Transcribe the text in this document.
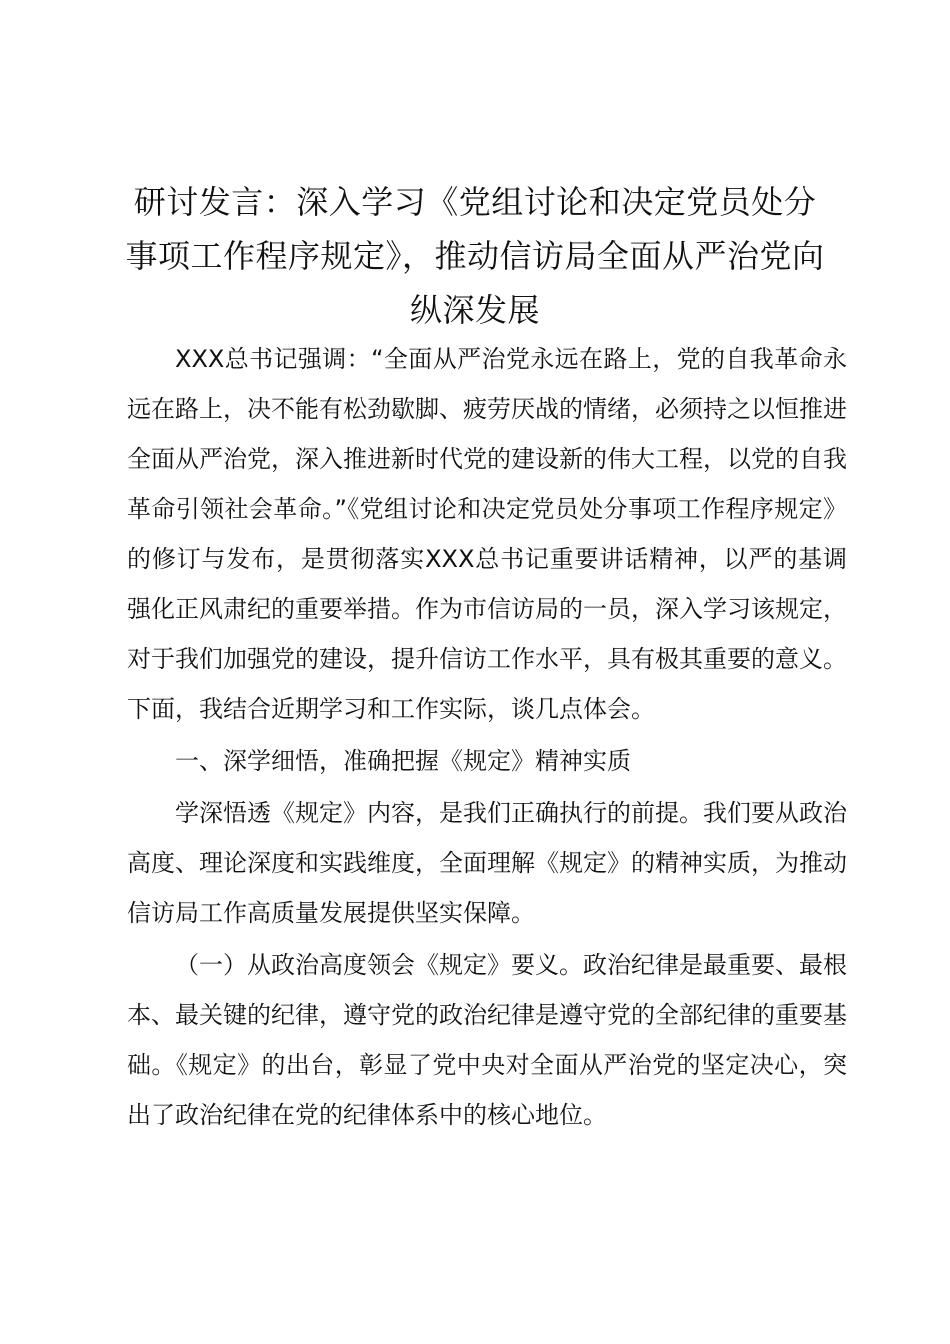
研讨发言：深入学习《党组讨论和决定党员处分事项工作程序规定》，推动信访局全面从严治党向纵深发展

XXX总书记强调：“全面从严治党永远在路上，党的自我革命永远在路上，决不能有松劲歇脚、疲劳厌战的情绪，必须持之以恒推进全面从严治党，深入推进新时代党的建设新的伟大工程，以党的自我革命引领社会革命。”《党组讨论和决定党员处分事项工作程序规定》的修订与发布，是贯彻落实XXX总书记重要讲话精神，以严的基调强化正风肃纪的重要举措。作为市信访局的一员，深入学习该规定，对于我们加强党的建设，提升信访工作水平，具有极其重要的意义。下面，我结合近期学习和工作实际，谈几点体会。

一、深学细悟，准确把握《规定》精神实质

学深悟透《规定》内容，是我们正确执行的前提。我们要从政治高度、理论深度和实践维度，全面理解《规定》的精神实质，为推动信访局工作高质量发展提供坚实保障。

（一）从政治高度领会《规定》要义。政治纪律是最重要、最根本、最关键的纪律，遵守党的政治纪律是遵守党的全部纪律的重要基础。《规定》的出台，彰显了党中央对全面从严治党的坚定决心，突出了政治纪律在党的纪律体系中的核心地位。
